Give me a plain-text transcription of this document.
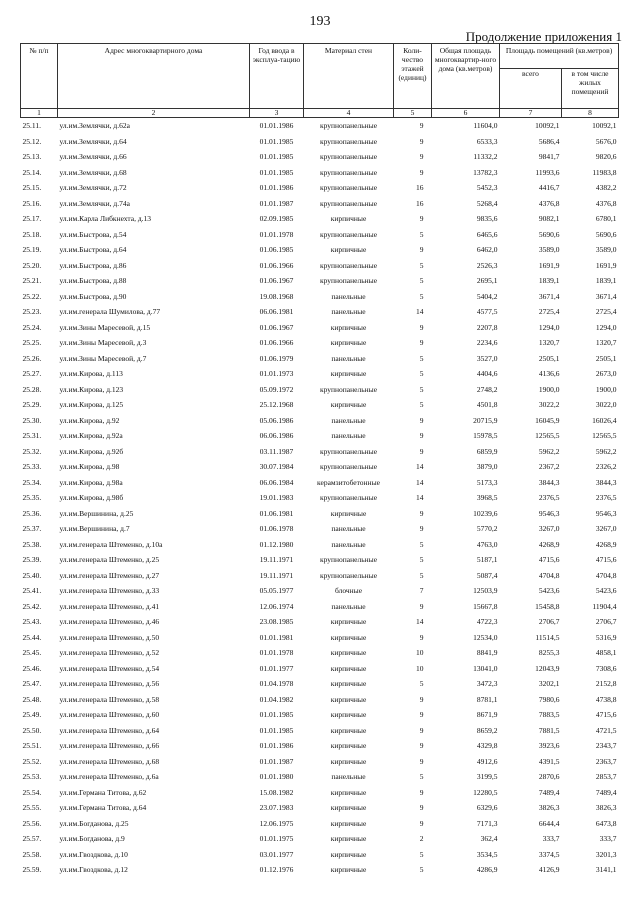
193
Продолжение приложения 1
№ п/п	Адрес многоквартирного дома	Год ввода в эксплуа-тацию	Материал стен	Коли-чество этажей (единиц)	Общая площадь многоквартир-ного дома (кв.метров)	Площадь помещений (кв.метров)	
						всего	в том числе жилых помещений
1	2	3	4	5	6	7	8
25.11.	ул.им.Землячки, д.62а	01.01.1986	крупнопанельные	9	11604,0	10092,1	10092,1
25.12.	ул.им.Землячки, д.64	01.01.1985	крупнопанельные	9	6533,3	5686,4	5676,0
25.13.	ул.им.Землячки, д.66	01.01.1985	крупнопанельные	9	11332,2	9841,7	9820,6
25.14.	ул.им.Землячки, д.68	01.01.1985	крупнопанельные	9	13782,3	11993,6	11983,8
25.15.	ул.им.Землячки, д.72	01.01.1986	крупнопанельные	16	5452,3	4416,7	4382,2
25.16.	ул.им.Землячки, д.74а	01.01.1987	крупнопанельные	16	5268,4	4376,8	4376,8
25.17.	ул.им.Карла Либкнехта, д.13	02.09.1985	кирпичные	9	9835,6	9082,1	6780,1
25.18.	ул.им.Быстрова, д.54	01.01.1978	крупнопанельные	5	6465,6	5690,6	5690,6
25.19.	ул.им.Быстрова, д.64	01.06.1985	кирпичные	9	6462,0	3589,0	3589,0
25.20.	ул.им.Быстрова, д.86	01.06.1966	крупнопанельные	5	2526,3	1691,9	1691,9
25.21.	ул.им.Быстрова, д.88	01.06.1967	крупнопанельные	5	2695,1	1839,1	1839,1
25.22.	ул.им.Быстрова, д.90	19.08.1968	панельные	5	5404,2	3671,4	3671,4
25.23.	ул.им.генерала Шумилова, д.77	06.06.1981	панельные	14	4577,5	2725,4	2725,4
25.24.	ул.им.Зины Маресевой, д.15	01.06.1967	кирпичные	9	2207,8	1294,0	1294,0
25.25.	ул.им.Зины Маресевой, д.3	01.06.1966	кирпичные	9	2234,6	1320,7	1320,7
25.26.	ул.им.Зины Маресевой, д.7	01.06.1979	панельные	5	3527,0	2505,1	2505,1
25.27.	ул.им.Кирова, д.113	01.01.1973	кирпичные	5	4404,6	4136,6	2673,0
25.28.	ул.им.Кирова, д.123	05.09.1972	крупнопанельные	5	2748,2	1900,0	1900,0
25.29.	ул.им.Кирова, д.125	25.12.1968	кирпичные	5	4501,8	3022,2	3022,0
25.30.	ул.им.Кирова, д.92	05.06.1986	панельные	9	20715,9	16045,9	16026,4
25.31.	ул.им.Кирова, д.92а	06.06.1986	панельные	9	15978,5	12565,5	12565,5
25.32.	ул.им.Кирова, д.92б	03.11.1987	крупнопанельные	9	6859,9	5962,2	5962,2
25.33.	ул.им.Кирова, д.98	30.07.1984	крупнопанельные	14	3879,0	2367,2	2326,2
25.34.	ул.им.Кирова, д.98а	06.06.1984	керамзитобетонные	14	5173,3	3844,3	3844,3
25.35.	ул.им.Кирова, д.98б	19.01.1983	крупнопанельные	14	3968,5	2376,5	2376,5
25.36.	ул.им.Вершинина, д.25	01.06.1981	кирпичные	9	10239,6	9546,3	9546,3
25.37.	ул.им.Вершинина, д.7	01.06.1978	панельные	9	5770,2	3267,0	3267,0
25.38.	ул.им.генерала Штеменко, д.10а	01.12.1980	панельные	5	4763,0	4268,9	4268,9
25.39.	ул.им.генерала Штеменко, д.25	19.11.1971	крупнопанельные	5	5187,1	4715,6	4715,6
25.40.	ул.им.генерала Штеменко, д.27	19.11.1971	крупнопанельные	5	5087,4	4704,8	4704,8
25.41.	ул.им.генерала Штеменко, д.33	05.05.1977	блочные	7	12503,9	5423,6	5423,6
25.42.	ул.им.генерала Штеменко, д.41	12.06.1974	панельные	9	15667,8	15458,8	11904,4
25.43.	ул.им.генерала Штеменко, д.46	23.08.1985	кирпичные	14	4722,3	2706,7	2706,7
25.44.	ул.им.генерала Штеменко, д.50	01.01.1981	кирпичные	9	12534,0	11514,5	5316,9
25.45.	ул.им.генерала Штеменко, д.52	01.01.1978	кирпичные	10	8841,9	8255,3	4858,1
25.46.	ул.им.генерала Штеменко, д.54	01.01.1977	кирпичные	10	13041,0	12043,9	7308,6
25.47.	ул.им.генерала Штеменко, д.56	01.04.1978	кирпичные	5	3472,3	3202,1	2152,8
25.48.	ул.им.генерала Штеменко, д.58	01.04.1982	кирпичные	9	8781,1	7980,6	4738,8
25.49.	ул.им.генерала Штеменко, д.60	01.01.1985	кирпичные	9	8671,9	7883,5	4715,6
25.50.	ул.им.генерала Штеменко, д.64	01.01.1985	кирпичные	9	8659,2	7881,5	4721,5
25.51.	ул.им.генерала Штеменко, д.66	01.01.1986	кирпичные	9	4329,8	3923,6	2343,7
25.52.	ул.им.генерала Штеменко, д.68	01.01.1987	кирпичные	9	4912,6	4391,5	2363,7
25.53.	ул.им.генерала Штеменко, д.6а	01.01.1980	панельные	5	3199,5	2870,6	2853,7
25.54.	ул.им.Германа Титова, д.62	15.08.1982	кирпичные	9	12280,5	7489,4	7489,4
25.55.	ул.им.Германа Титова, д.64	23.07.1983	кирпичные	9	6329,6	3826,3	3826,3
25.56.	ул.им.Богданова, д.25	12.06.1975	кирпичные	9	7171,3	6644,4	6473,8
25.57.	ул.им.Богданова, д.9	01.01.1975	кирпичные	2	362,4	333,7	333,7
25.58.	ул.им.Гвоздкова, д.10	03.01.1977	кирпичные	5	3534,5	3374,5	3201,3
25.59.	ул.им.Гвоздкова, д.12	01.12.1976	кирпичные	5	4286,9	4126,9	3141,1
